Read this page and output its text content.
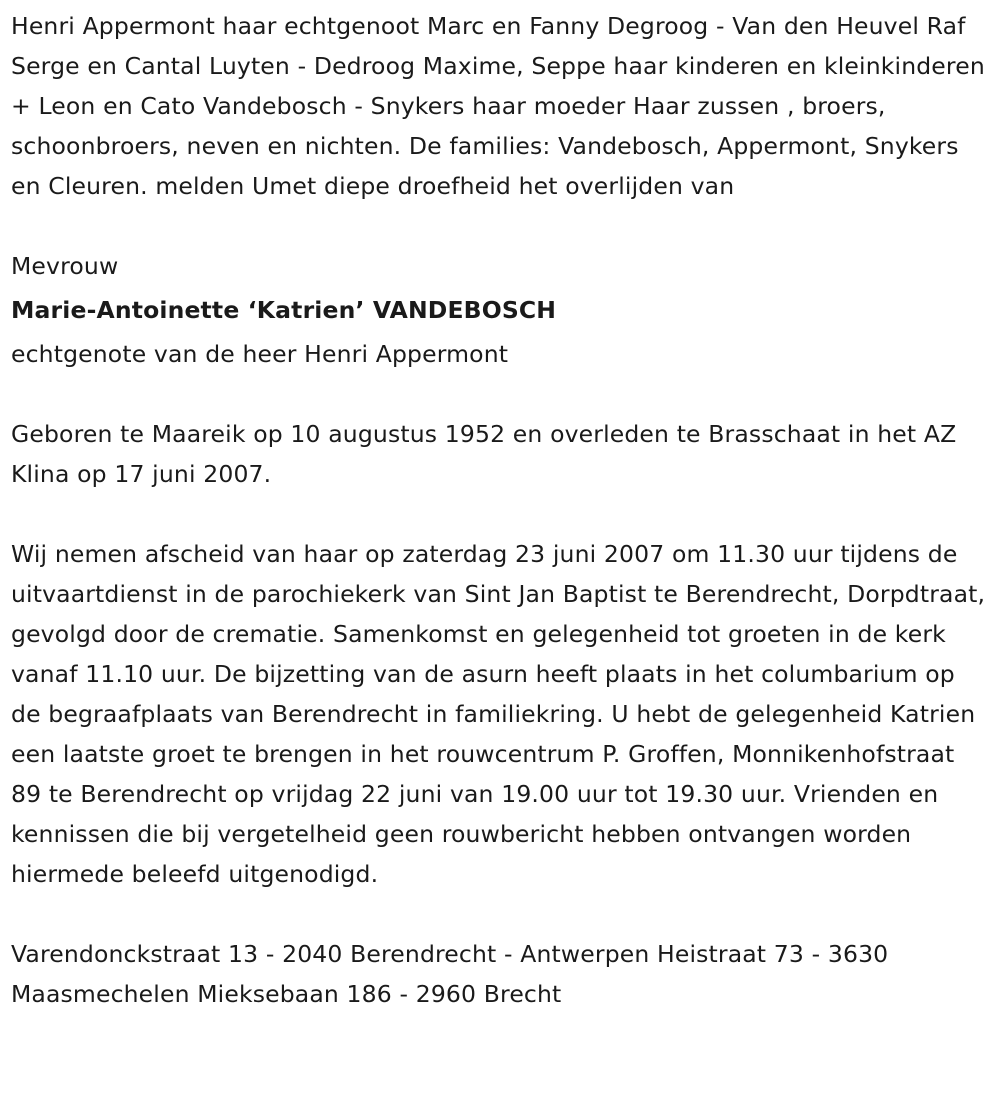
Henri Appermont haar echtgenoot Marc en Fanny Degroog - Van den Heuvel Raf Serge en Cantal Luyten - Dedroog Maxime, Seppe haar kinderen en kleinkinderen + Leon en Cato Vandebosch - Snykers haar moeder Haar zussen , broers, schoonbroers, neven en nichten. De families: Vandebosch, Appermont, Snykers en Cleuren. melden Umet diepe droefheid het overlijden van

Mevrouw

Marie-Antoinette ‘Katrien’ VANDEBOSCH

echtgenote van de heer Henri Appermont

Geboren te Maareik op 10 augustus 1952 en overleden te Brasschaat in het AZ Klina op 17 juni 2007.

Wij nemen afscheid van haar op zaterdag 23 juni 2007 om 11.30 uur tijdens de uitvaartdienst in de parochiekerk van Sint Jan Baptist te Berendrecht, Dorpdtraat, gevolgd door de crematie. Samenkomst en gelegenheid tot groeten in de kerk vanaf 11.10 uur. De bijzetting van de asurn heeft plaats in het columbarium op de begraafplaats van Berendrecht in familiekring. U hebt de gelegenheid Katrien een laatste groet te brengen in het rouwcentrum P. Groffen, Monnikenhofstraat 89 te Berendrecht op vrijdag 22 juni van 19.00 uur tot 19.30 uur. Vrienden en kennissen die bij vergetelheid geen rouwbericht hebben ontvangen worden hiermede beleefd uitgenodigd.

Varendonckstraat 13 - 2040 Berendrecht - Antwerpen Heistraat 73 - 3630 Maasmechelen Mieksebaan 186 - 2960 Brecht
